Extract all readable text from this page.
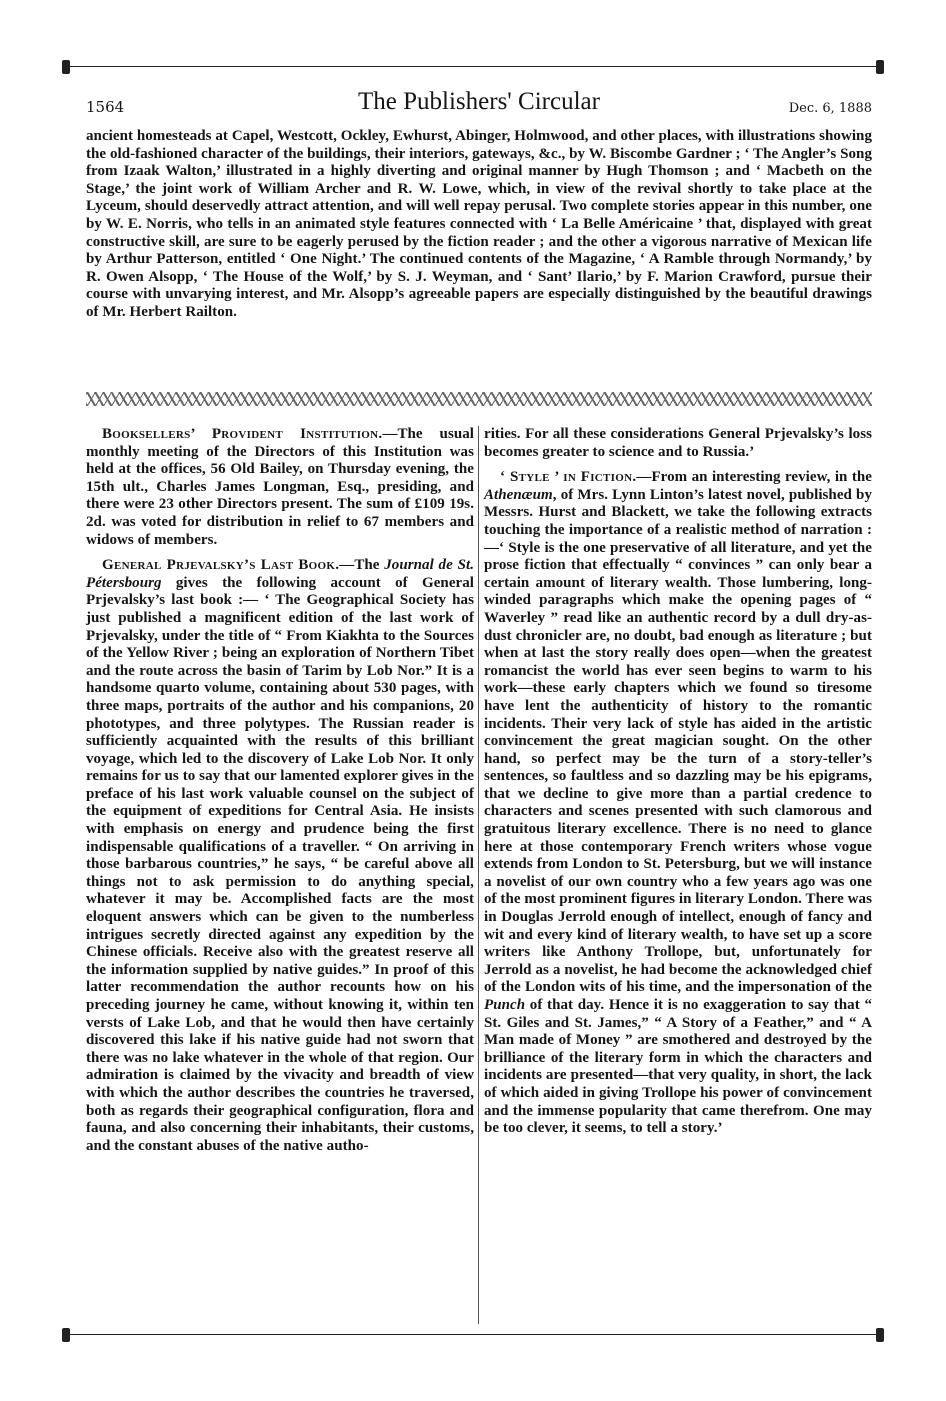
1564	The Publishers' Circular	Dec. 6, 1888

ancient homesteads at Capel, Westcott, Ockley, Ewhurst, Abinger, Holmwood, and other places, with illustrations showing the old-fashioned character of the buildings, their interiors, gateways, &c., by W. Biscombe Gardner ; ‘ The Angler’s Song from Izaak Walton,’ illustrated in a highly diverting and original manner by Hugh Thomson ; and ‘ Macbeth on the Stage,’ the joint work of William Archer and R. W. Lowe, which, in view of the revival shortly to take place at the Lyceum, should deservedly attract attention, and will well repay perusal. Two complete stories appear in this number, one by W. E. Norris, who tells in an animated style features connected with ‘ La Belle Américaine ’ that, displayed with great constructive skill, are sure to be eagerly perused by the fiction reader ; and the other a vigorous narrative of Mexican life by Arthur Patterson, entitled ‘ One Night.’ The continued contents of the Magazine, ‘ A Ramble through Normandy,’ by R. Owen Alsopp, ‘ The House of the Wolf,’ by S. J. Weyman, and ‘ Sant’ Ilario,’ by F. Marion Crawford, pursue their course with unvarying interest, and Mr. Alsopp’s agreeable papers are especially distinguished by the beautiful drawings of Mr. Herbert Railton.

Booksellers’ Provident Institution.—The usual monthly meeting of the Directors of this Institution was held at the offices, 56 Old Bailey, on Thursday evening, the 15th ult., Charles James Longman, Esq., presiding, and there were 23 other Directors present. The sum of £109 19s. 2d. was voted for distribution in relief to 67 members and widows of members.

General Prjevalsky’s Last Book.—The Journal de St. Pétersbourg gives the following account of General Prjevalsky’s last book :— ‘ The Geographical Society has just published a magnificent edition of the last work of Prjevalsky, under the title of “ From Kiakhta to the Sources of the Yellow River ; being an exploration of Northern Tibet and the route across the basin of Tarim by Lob Nor.” It is a handsome quarto volume, containing about 530 pages, with three maps, portraits of the author and his companions, 20 phototypes, and three polytypes. The Russian reader is sufficiently acquainted with the results of this brilliant voyage, which led to the discovery of Lake Lob Nor. It only remains for us to say that our lamented explorer gives in the preface of his last work valuable counsel on the subject of the equipment of expeditions for Central Asia. He insists with emphasis on energy and prudence being the first indispensable qualifications of a traveller. “ On arriving in those barbarous countries,” he says, “ be careful above all things not to ask permission to do anything special, whatever it may be. Accomplished facts are the most eloquent answers which can be given to the numberless intrigues secretly directed against any expedition by the Chinese officials. Receive also with the greatest reserve all the information supplied by native guides.” In proof of this latter recommendation the author recounts how on his preceding journey he came, without knowing it, within ten versts of Lake Lob, and that he would then have certainly discovered this lake if his native guide had not sworn that there was no lake whatever in the whole of that region. Our admiration is claimed by the vivacity and breadth of view with which the author describes the countries he traversed, both as regards their geographical configuration, flora and fauna, and also concerning their inhabitants, their customs, and the constant abuses of the native autho-

rities. For all these considerations General Prjevalsky’s loss becomes greater to science and to Russia.’

‘ Style ’ in Fiction.—From an interesting review, in the Athenæum, of Mrs. Lynn Linton’s latest novel, published by Messrs. Hurst and Blackett, we take the following extracts touching the importance of a realistic method of narration :—‘ Style is the one preservative of all literature, and yet the prose fiction that effectually “ convinces ” can only bear a certain amount of literary wealth. Those lumbering, long-winded paragraphs which make the opening pages of “ Waverley ” read like an authentic record by a dull dry-as-dust chronicler are, no doubt, bad enough as literature ; but when at last the story really does open—when the greatest romancist the world has ever seen begins to warm to his work—these early chapters which we found so tiresome have lent the authenticity of history to the romantic incidents. Their very lack of style has aided in the artistic convincement the great magician sought. On the other hand, so perfect may be the turn of a story-teller’s sentences, so faultless and so dazzling may be his epigrams, that we decline to give more than a partial credence to characters and scenes presented with such clamorous and gratuitous literary excellence. There is no need to glance here at those contemporary French writers whose vogue extends from London to St. Petersburg, but we will instance a novelist of our own country who a few years ago was one of the most prominent figures in literary London. There was in Douglas Jerrold enough of intellect, enough of fancy and wit and every kind of literary wealth, to have set up a score writers like Anthony Trollope, but, unfortunately for Jerrold as a novelist, he had become the acknowledged chief of the London wits of his time, and the impersonation of the Punch of that day. Hence it is no exaggeration to say that “ St. Giles and St. James,” “ A Story of a Feather,” and “ A Man made of Money ” are smothered and destroyed by the brilliance of the literary form in which the characters and incidents are presented—that very quality, in short, the lack of which aided in giving Trollope his power of convincement and the immense popularity that came therefrom. One may be too clever, it seems, to tell a story.’
